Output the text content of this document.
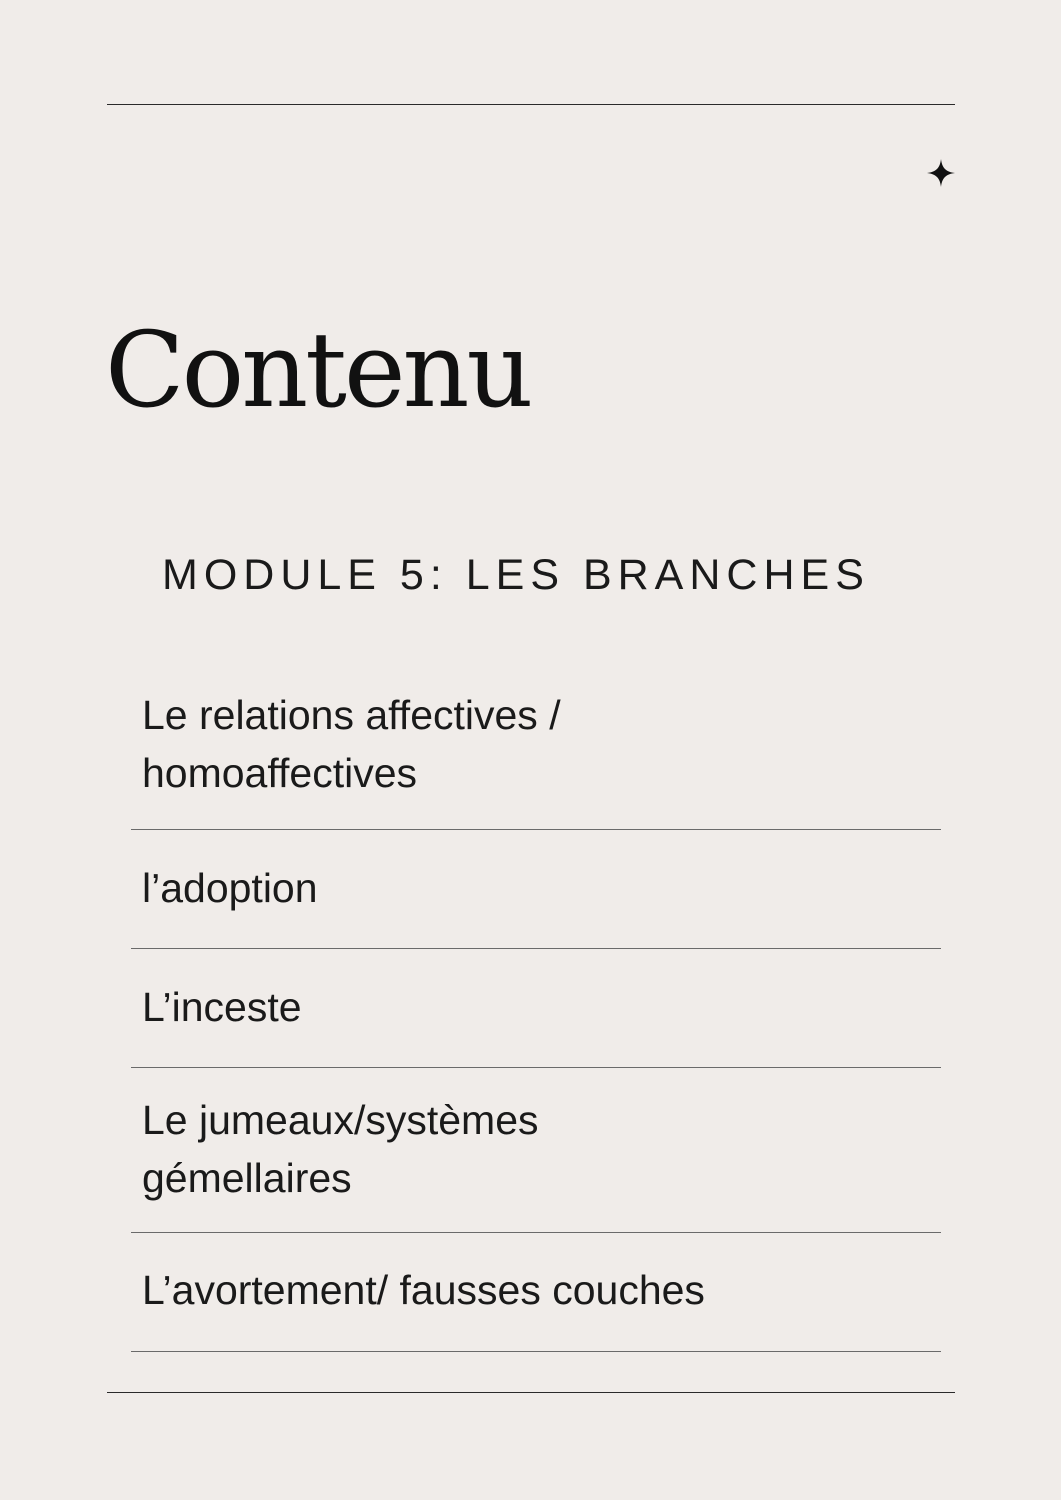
Contenu
MODULE 5: LES BRANCHES
Le relations affectives /
homoaffectives
l’adoption
L’inceste
Le jumeaux/systèmes
gémellaires
L’avortement/ fausses couches
